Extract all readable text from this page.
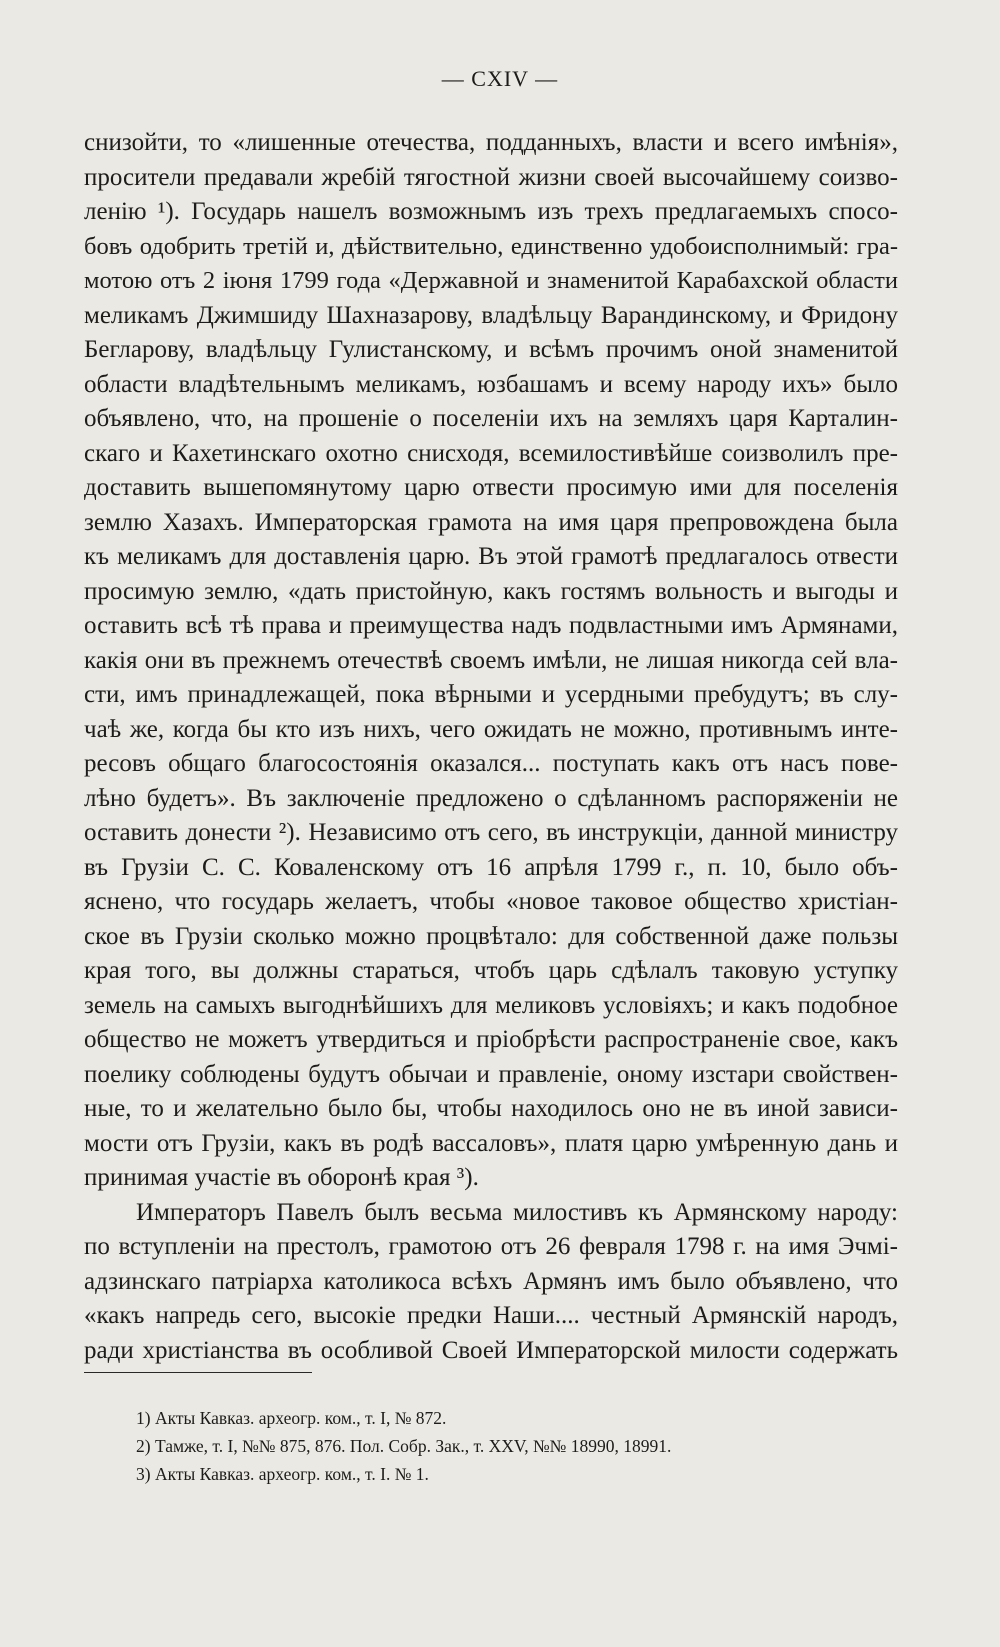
— CXIV —
снизойти, то «лишенные отечества, подданныхъ, власти и всего имѣнія»,
просители предавали жребій тягостной жизни своей высочайшему соизво-
ленію ¹). Государь нашелъ возможнымъ изъ трехъ предлагаемыхъ спосо-
бовъ одобрить третій и, дѣйствительно, единственно удобоисполнимый: гра-
мотою отъ 2 іюня 1799 года «Державной и знаменитой Карабахской области
меликамъ Джимшиду Шахназарову, владѣльцу Варандинскому, и Фридону
Бегларову, владѣльцу Гулистанскому, и всѣмъ прочимъ оной знаменитой
области владѣтельнымъ меликамъ, юзбашамъ и всему народу ихъ» было
объявлено, что, на прошеніе о поселеніи ихъ на земляхъ царя Карталин-
скаго и Кахетинскаго охотно снисходя, всемилостивѣйше соизволилъ пре-
доставить вышепомянутому царю отвести просимую ими для поселенія
землю Хазахъ. Императорская грамота на имя царя препровождена была
къ меликамъ для доставленія царю. Въ этой грамотѣ предлагалось отвести
просимую землю, «дать пристойную, какъ гостямъ вольность и выгоды и
оставить всѣ тѣ права и преимущества надъ подвластными имъ Армянами,
какія они въ прежнемъ отечествѣ своемъ имѣли, не лишая никогда сей вла-
сти, имъ принадлежащей, пока вѣрными и усердными пребудутъ; въ слу-
чаѣ же, когда бы кто изъ нихъ, чего ожидать не можно, противнымъ инте-
ресовъ общаго благосостоянія оказался... поступать какъ отъ насъ пове-
лѣно будетъ». Въ заключеніе предложено о сдѣланномъ распоряженіи не
оставить донести ²). Независимо отъ сего, въ инструкціи, данной министру
въ Грузіи С. С. Коваленскому отъ 16 апрѣля 1799 г., п. 10, было объ-
яснено, что государь желаетъ, чтобы «новое таковое общество христіан-
ское въ Грузіи сколько можно процвѣтало: для собственной даже пользы
края того, вы должны стараться, чтобъ царь сдѣлалъ таковую уступку
земель на самыхъ выгоднѣйшихъ для меликовъ условіяхъ; и какъ подобное
общество не можетъ утвердиться и пріобрѣсти распространеніе свое, какъ
поелику соблюдены будутъ обычаи и правленіе, оному изстари свойствен-
ные, то и желательно было бы, чтобы находилось оно не въ иной зависи-
мости отъ Грузіи, какъ въ родѣ вассаловъ», платя царю умѣренную дань и
принимая участіе въ оборонѣ края ³).
Императоръ Павелъ былъ весьма милостивъ къ Армянскому народу:
по вступленіи на престолъ, грамотою отъ 26 февраля 1798 г. на имя Эчмі-
адзинскаго патріарха католикоса всѣхъ Армянъ имъ было объявлено, что
«какъ напредь сего, высокіе предки Наши.... честный Армянскій народъ,
ради христіанства въ особливой Своей Императорской милости содержать
1) Акты Кавказ. археогр. ком., т. I, № 872.
2) Тамже, т. I, №№ 875, 876. Пол. Собр. Зак., т. XXV, №№ 18990, 18991.
3) Акты Кавказ. археогр. ком., т. I. № 1.
